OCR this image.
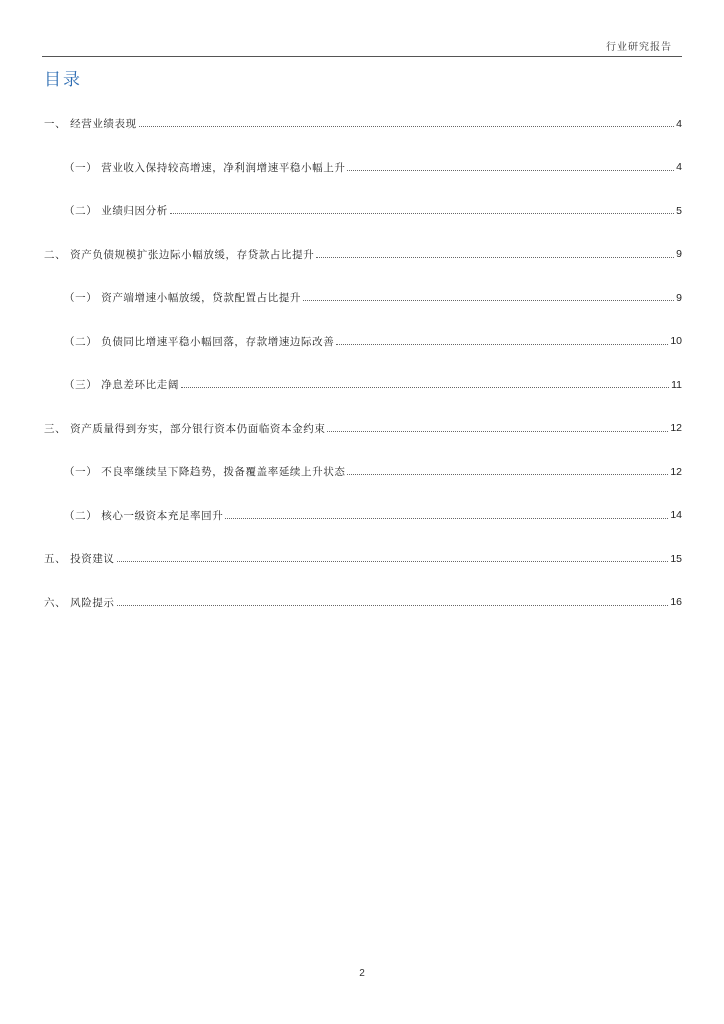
行业研究报告
目录
一、 经营业绩表现	4
（一） 营业收入保持较高增速，净利润增速平稳小幅上升	4
（二） 业绩归因分析	5
二、 资产负债规模扩张边际小幅放缓，存贷款占比提升	9
（一） 资产端增速小幅放缓，贷款配置占比提升	9
（二） 负债同比增速平稳小幅回落，存款增速边际改善	10
（三） 净息差环比走阔	11
三、 资产质量得到夯实，部分银行资本仍面临资本金约束	12
（一） 不良率继续呈下降趋势，拨备覆盖率延续上升状态	12
（二） 核心一级资本充足率回升	14
五、 投资建议	15
六、 风险提示	16
2
